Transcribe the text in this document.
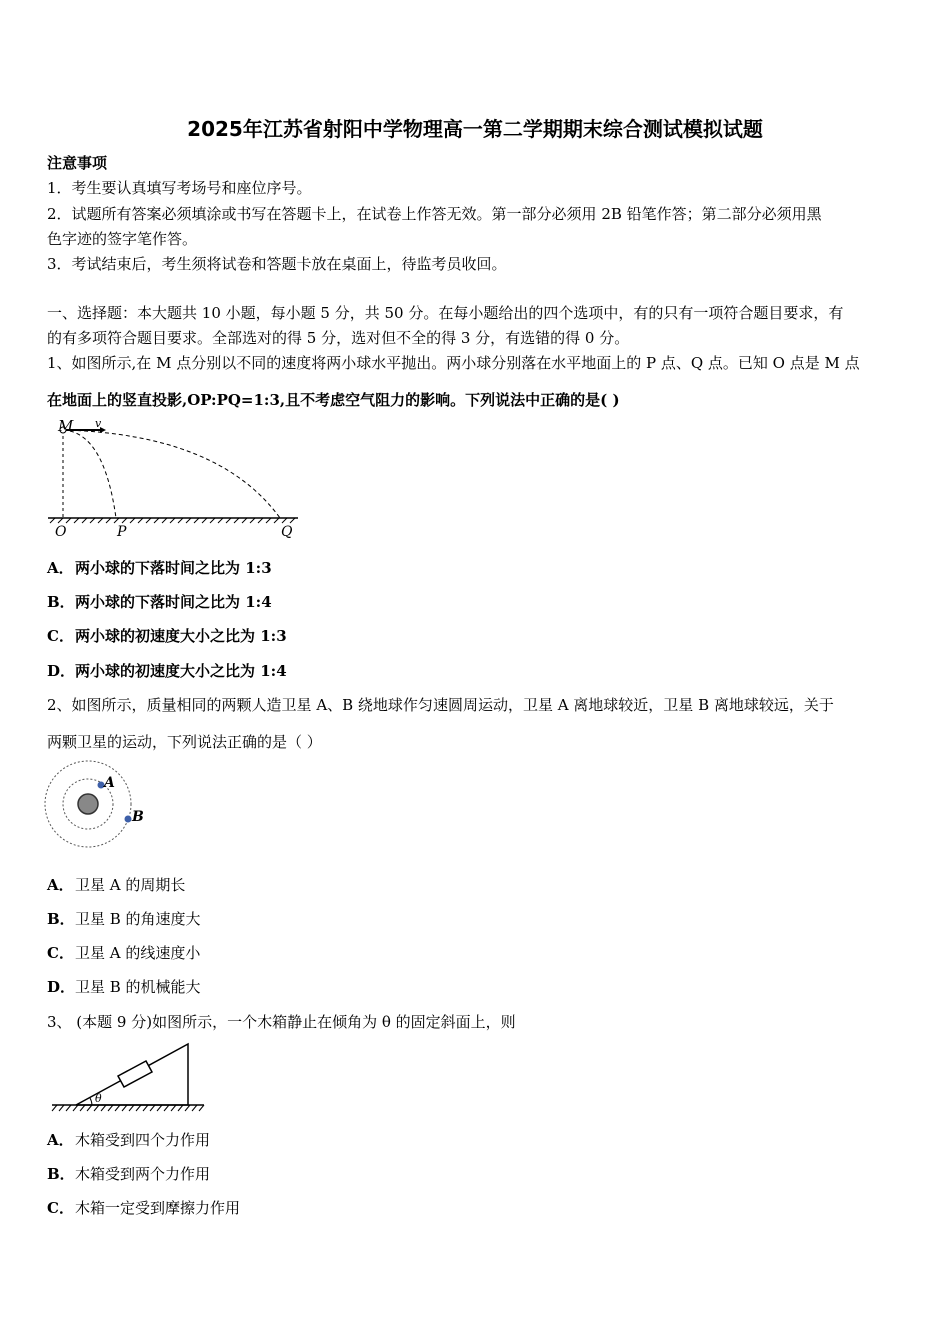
2025年江苏省射阳中学物理高一第二学期期末综合测试模拟试题
注意事项
1．考生要认真填写考场号和座位序号。
2．试题所有答案必须填涂或书写在答题卡上，在试卷上作答无效。第一部分必须用 2B 铅笔作答；第二部分必须用黑
色字迹的签字笔作答。
3．考试结束后，考生须将试卷和答题卡放在桌面上，待监考员收回。
一、选择题：本大题共 10 小题，每小题 5 分，共 50 分。在每小题给出的四个选项中，有的只有一项符合题目要求，有
的有多项符合题目要求。全部选对的得 5 分，选对但不全的得 3 分，有选错的得 0 分。
1、如图所示,在 M 点分别以不同的速度将两小球水平抛出。两小球分别落在水平地面上的 P 点、Q 点。已知 O 点是 M 点
在地面上的竖直投影,OP:PQ=1:3,且不考虑空气阻力的影响。下列说法中正确的是( )
M v
O	P	Q
A．两小球的下落时间之比为 1:3
B．两小球的下落时间之比为 1:4
C．两小球的初速度大小之比为 1:3
D．两小球的初速度大小之比为 1:4
2、如图所示，质量相同的两颗人造卫星 A、B 绕地球作匀速圆周运动，卫星 A 离地球较近，卫星 B 离地球较远，关于
两颗卫星的运动，下列说法正确的是（ ）
A
B
A．卫星 A 的周期长
B．卫星 B 的角速度大
C．卫星 A 的线速度小
D．卫星 B 的机械能大
3、 (本题 9 分)如图所示，一个木箱静止在倾角为 θ 的固定斜面上，则
θ
A．木箱受到四个力作用
B．木箱受到两个力作用
C．木箱一定受到摩擦力作用
